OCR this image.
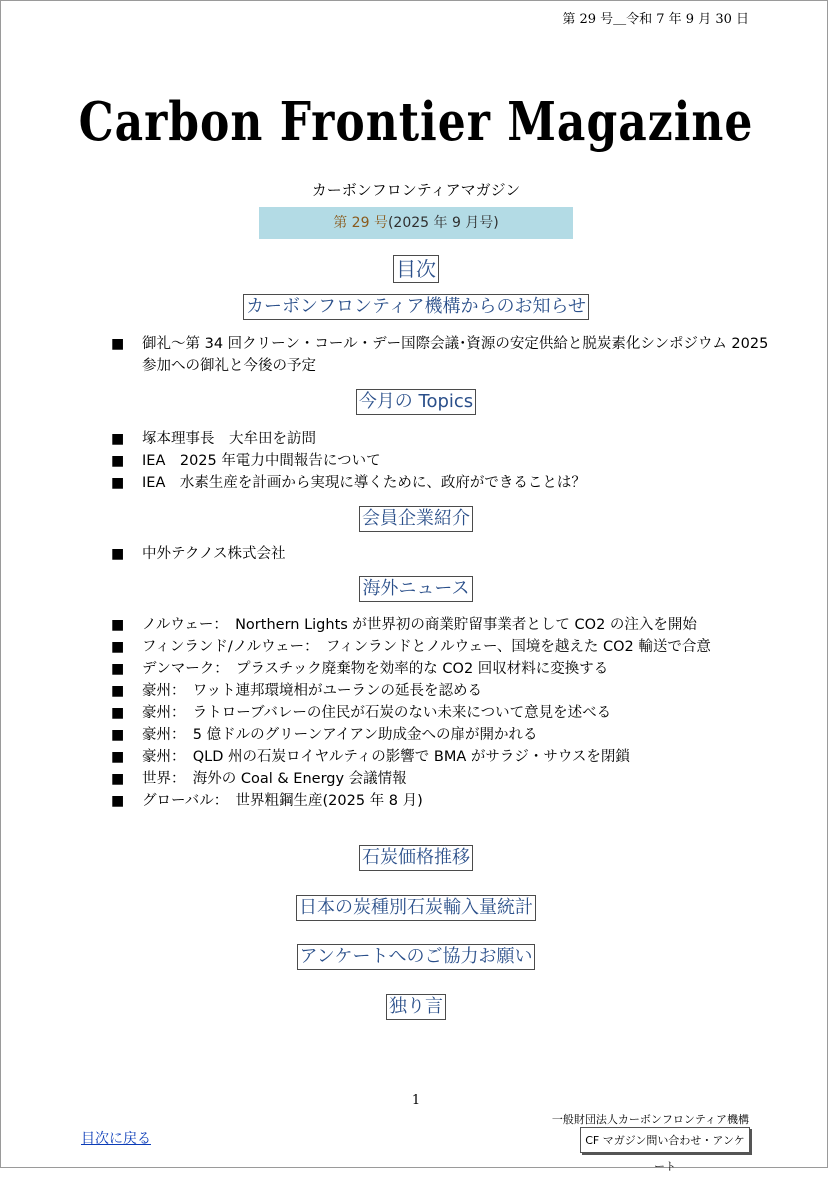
第 29 号＿令和 7 年 9 月 30 日
Carbon Frontier Magazine
カーボンフロンティアマガジン
第 29 号(2025 年 9 月号)
目次
カーボンフロンティア機構からのお知らせ
■ 御礼～第 34 回クリーン・コール・デー国際会議･資源の安定供給と脱炭素化シンポジウム 2025 参加への御礼と今後の予定
今月の Topics
■ 塚本理事長　大牟田を訪問
■ IEA　2025 年電力中間報告について
■ IEA　水素生産を計画から実現に導くために、政府ができることは？
会員企業紹介
■ 中外テクノス株式会社
海外ニュース
■ ノルウェー：　Northern Lights が世界初の商業貯留事業者として CO2 の注入を開始
■ フィンランド/ノルウェー：　フィンランドとノルウェー、国境を越えた CO2 輸送で合意
■ デンマーク：　プラスチック廃棄物を効率的な CO2 回収材料に変換する
■ 豪州：　ワット連邦環境相がユーランの延長を認める
■ 豪州：　ラトローブバレーの住民が石炭のない未来について意見を述べる
■ 豪州：　5 億ドルのグリーンアイアン助成金への扉が開かれる
■ 豪州：　QLD 州の石炭ロイヤルティの影響で BMA がサラジ・サウスを閉鎖
■ 世界：　海外の Coal & Energy 会議情報
■ グローバル：　世界粗鋼生産(2025 年 8 月)
石炭価格推移
日本の炭種別石炭輸入量統計
アンケートへのご協力お願い
独り言
1
目次に戻る
一般財団法人カーボンフロンティア機構
CF マガジン問い合わせ・アンケート
